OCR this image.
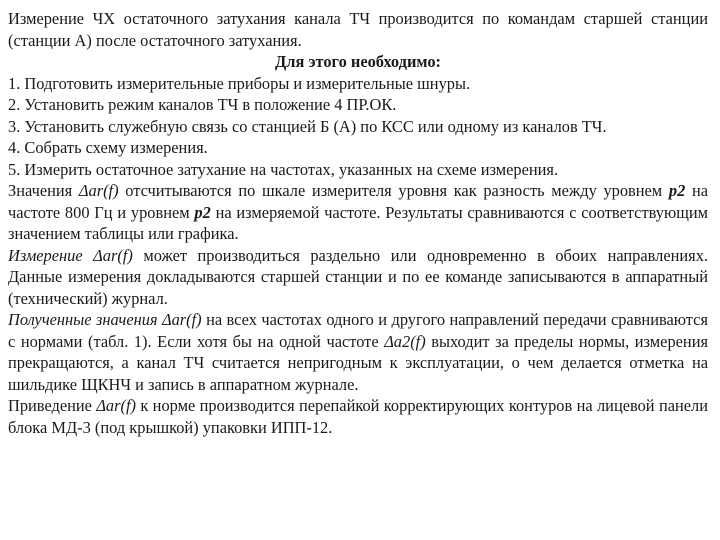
Измерение ЧХ остаточного затухания канала ТЧ производится по командам старшей станции (станции А) после остаточного затухания.

Для этого необходимо:

1. Подготовить измерительные приборы и измерительные шнуры.

2. Установить режим каналов ТЧ в положение 4 ПР.ОК.

3. Установить служебную связь со станцией Б (А) по КСС или одному из каналов ТЧ.

4. Собрать схему измерения.

5. Измерить остаточное затухание на частотах, указанных на схеме измерения.

Значения Δаr(f) отсчитываются по шкале измерителя уровня как разность между уровнем р2 на частоте 800 Гц и уровнем р2 на измеряемой частоте. Результаты сравниваются с соответствующим значением таблицы или графика.

Измерение Δаr(f) может производиться раздельно или одновременно в обоих направлениях. Данные измерения докладываются старшей станции и по ее команде записываются в аппаратный (технический) журнал.

Полученные значения Δаr(f) на всех частотах одного и другого направлений передачи сравниваются с нормами (табл. 1). Если хотя бы на одной частоте Δа2(f) выходит за пределы нормы, измерения прекращаются, а канал ТЧ считается непригодным к эксплуатации, о чем делается отметка на шильдике ЩКНЧ и запись в аппаратном журнале.

Приведение Δаr(f) к норме производится перепайкой корректирующих контуров на лицевой панели блока МД-3 (под крышкой) упаковки ИПП-12.
